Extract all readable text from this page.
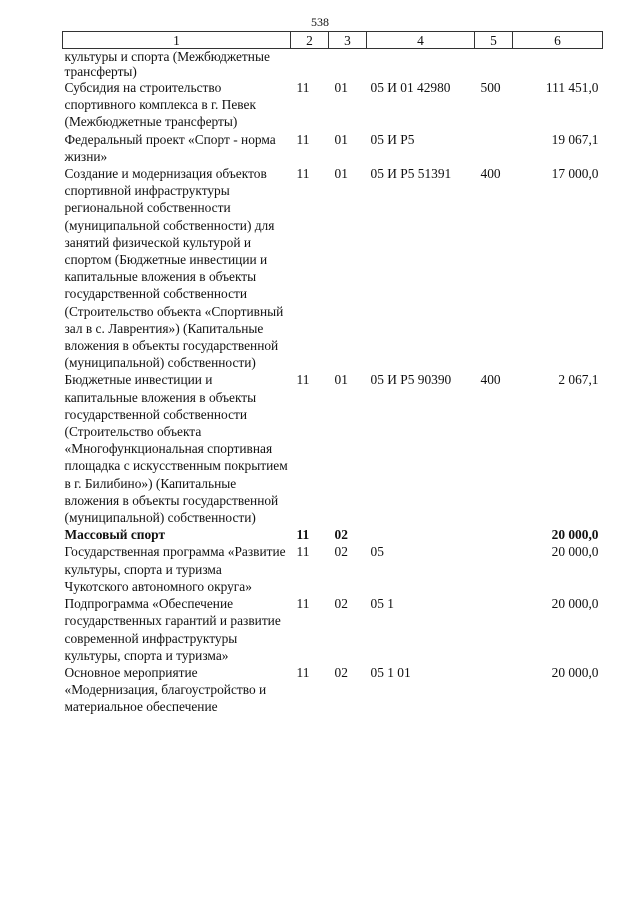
538
1	2	3	4	5	6
культуры и спорта (Межбюджетные трансферты)					
Субсидия на строительство спортивного комплекса в г. Певек (Межбюджетные трансферты)	11	01	05 И 01 42980	500	111 451,0
Федеральный проект «Спорт - норма жизни»	11	01	05 И Р5		19 067,1
Создание и модернизация объектов спортивной инфраструктуры региональной собственности (муниципальной собственности) для занятий физической культурой и спортом (Бюджетные инвестиции и капитальные вложения в объекты государственной собственности (Строительство объекта «Спортивный зал в с. Лаврентия») (Капитальные вложения в объекты государственной (муниципальной) собственности)	11	01	05 И Р5 51391	400	17 000,0
Бюджетные инвестиции и капитальные вложения в объекты государственной собственности (Строительство объекта «Многофункциональная спортивная площадка с искусственным покрытием в г. Билибино») (Капитальные вложения в объекты государственной (муниципальной) собственности)	11	01	05 И Р5 90390	400	2 067,1
Массовый спорт	11	02			20 000,0
Государственная программа «Развитие культуры, спорта и туризма Чукотского автономного округа»	11	02	05		20 000,0
Подпрограмма «Обеспечение государственных гарантий и развитие современной инфраструктуры культуры, спорта и туризма»	11	02	05 1		20 000,0
Основное мероприятие «Модернизация, благоустройство и материальное обеспечение	11	02	05 1 01		20 000,0
